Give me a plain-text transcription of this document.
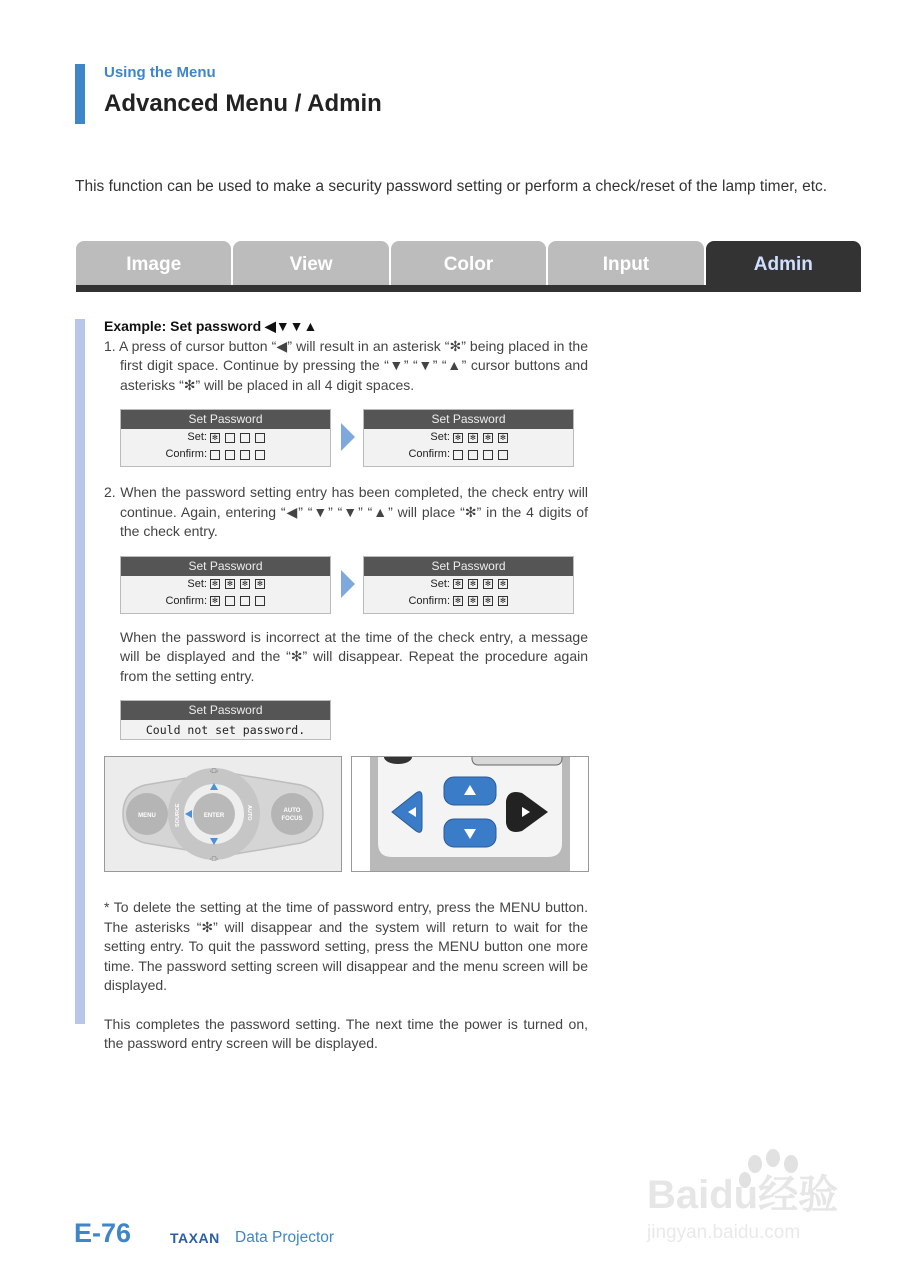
Using the Menu
Advanced Menu / Admin
This function can be used to make a security password setting or perform a check/reset of the lamp timer, etc.
Image	View	Color	Input	Admin
Example: Set password ◀▼▼▲
1. A press of cursor button “◀” will result in an asterisk “✻” being placed in the first digit space. Continue by pressing the “▼” “▼” “▲” cursor buttons and asterisks “✻” will be placed in all 4 digit spaces.
Set Password
Set: ✻
Confirm:
Set Password
Set: ✻ ✻ ✻ ✻
Confirm:
2. When the password setting entry has been completed, the check entry will continue. Again, entering “◀” “▼” “▼” “▲” will place “✻” in the 4 digits of the check entry.
Set Password
Set: ✻ ✻ ✻ ✻
Confirm: ✻
Set Password
Set: ✻ ✻ ✻ ✻
Confirm: ✻ ✻ ✻ ✻
When the password is incorrect at the time of the check entry, a message will be displayed and the “✻” will disappear. Repeat the procedure again from the setting entry.
Set Password
Could not set password.
·□·
·□·
MENU	ENTER
AUTO
FOCUS
SOURCE	AUTO
* To delete the setting at the time of password entry, press the MENU button. The asterisks “✻” will disappear and the system will return to wait for the setting entry. To quit the password setting, press the MENU button one more time. The password setting screen will disappear and the menu screen will be displayed.
This completes the password setting. The next time the power is turned on, the password entry screen will be displayed.
E-76	TAXAN Data Projector
Baidu经验
jingyan.baidu.com
